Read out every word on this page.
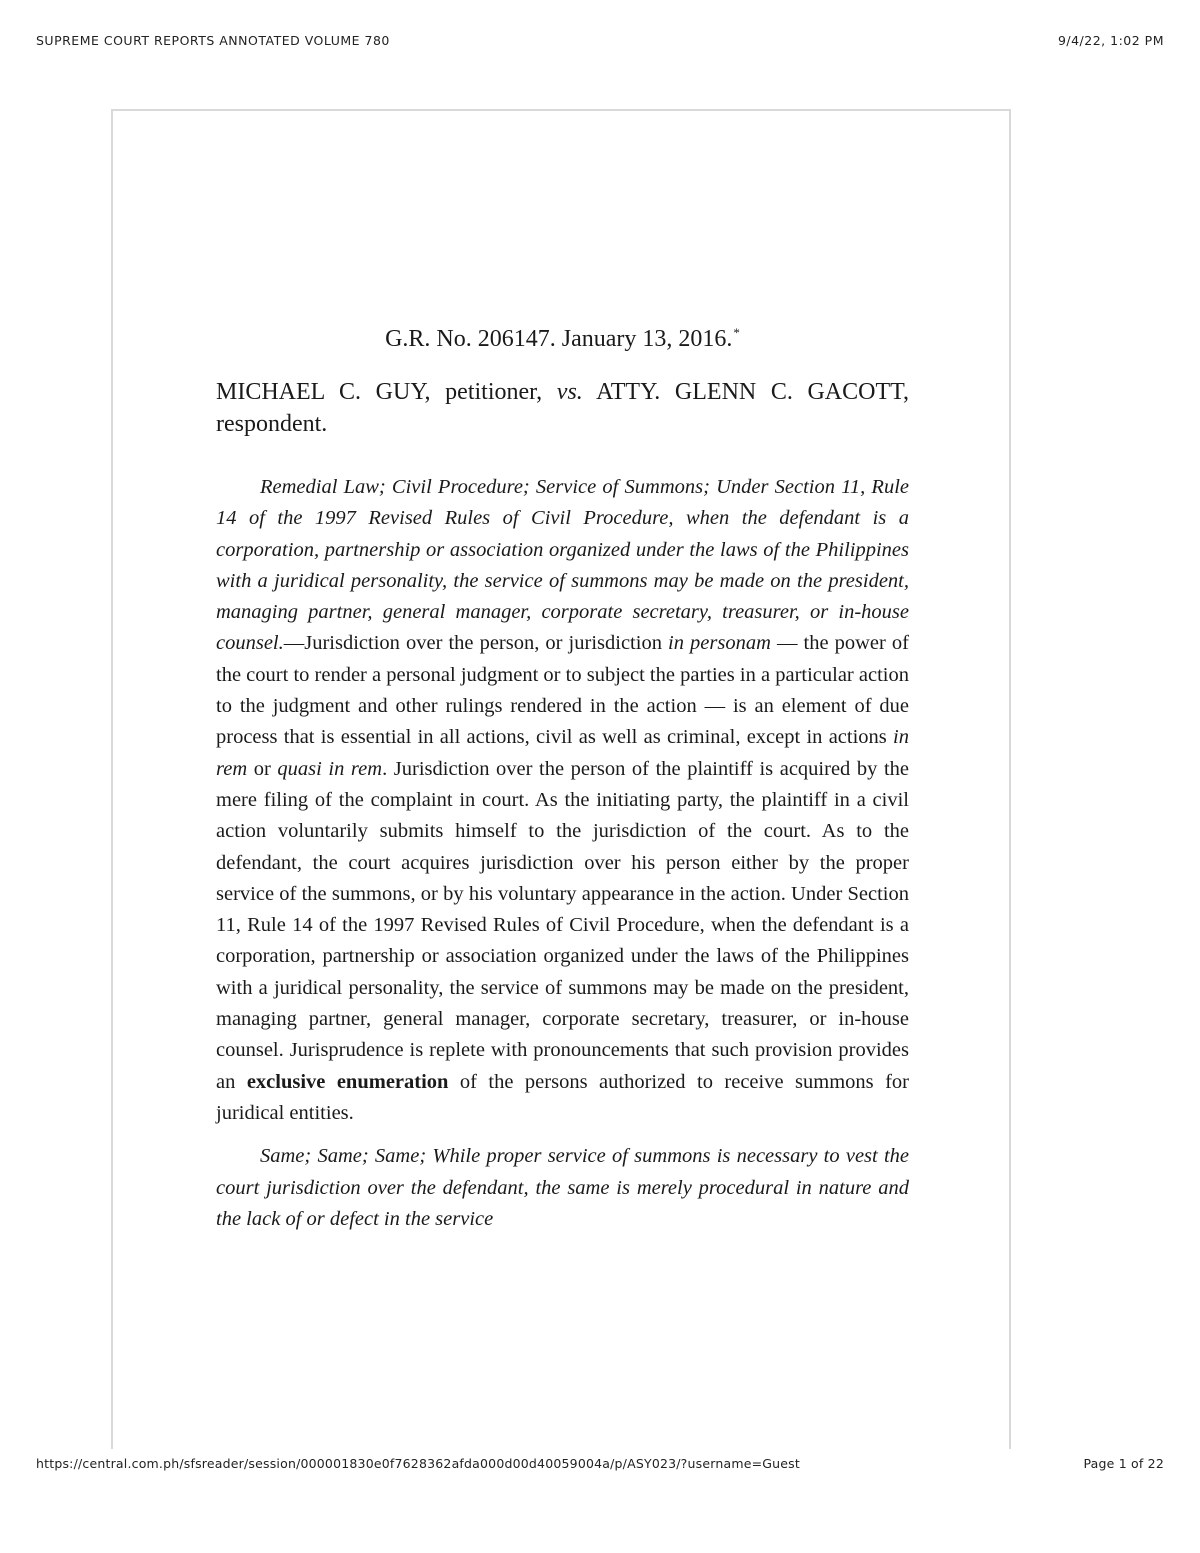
SUPREME COURT REPORTS ANNOTATED VOLUME 780	9/4/22, 1:02 PM
G.R. No. 206147. January 13, 2016.*
MICHAEL C. GUY, petitioner, vs. ATTY. GLENN C. GACOTT, respondent.

Remedial Law; Civil Procedure; Service of Summons; Under Section 11, Rule 14 of the 1997 Revised Rules of Civil Procedure, when the defendant is a corporation, partnership or association organized under the laws of the Philippines with a juridical personality, the service of summons may be made on the president, managing partner, general manager, corporate secretary, treasurer, or in-house counsel.—Jurisdiction over the person, or jurisdiction in personam — the power of the court to render a personal judgment or to subject the parties in a particular action to the judgment and other rulings rendered in the action — is an element of due process that is essential in all actions, civil as well as criminal, except in actions in rem or quasi in rem. Jurisdiction over the person of the plaintiff is acquired by the mere filing of the complaint in court. As the initiating party, the plaintiff in a civil action voluntarily submits himself to the jurisdiction of the court. As to the defendant, the court acquires jurisdiction over his person either by the proper service of the summons, or by his voluntary appearance in the action. Under Section 11, Rule 14 of the 1997 Revised Rules of Civil Procedure, when the defendant is a corporation, partnership or association organized under the laws of the Philippines with a juridical personality, the service of summons may be made on the president, managing partner, general manager, corporate secretary, treasurer, or in-house counsel. Jurisprudence is replete with pronouncements that such provision provides an exclusive enumeration of the persons authorized to receive summons for juridical entities.

Same; Same; Same; While proper service of summons is necessary to vest the court jurisdiction over the defendant, the same is merely procedural in nature and the lack of or defect in the service

https://central.com.ph/sfsreader/session/000001830e0f7628362afda000d00d40059004a/p/ASY023/?username=Guest	Page 1 of 22
